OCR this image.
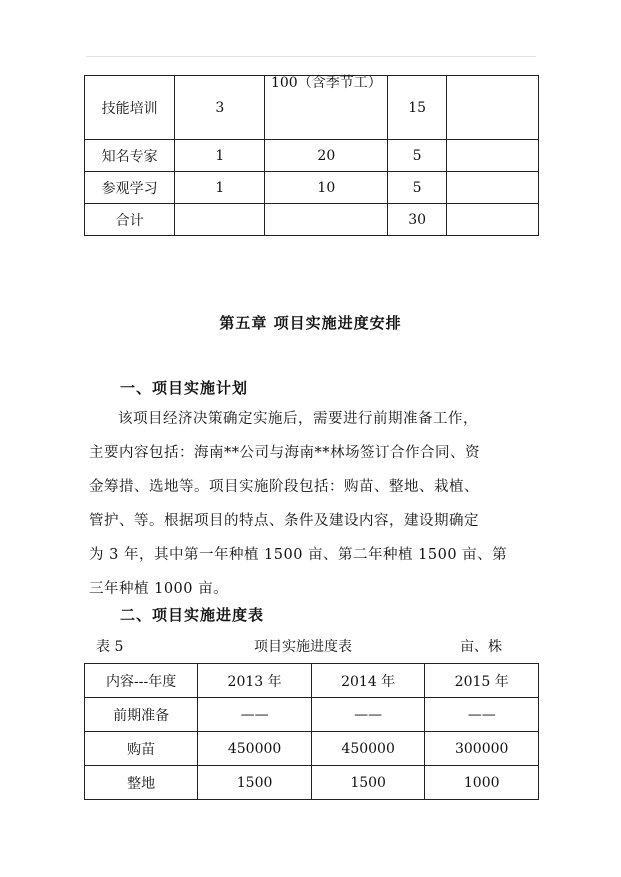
技能培训	3	100（含季节工）	15	
知名专家	1	20	5	
参观学习	1	10	5	
合计			30	
第五章 项目实施进度安排
一、项目实施计划

该项目经济决策确定实施后，需要进行前期准备工作，

主要内容包括：海南**公司与海南**林场签订合作合同、资

金筹措、选地等。项目实施阶段包括：购苗、整地、栽植、

管护、等。根据项目的特点、条件及建设内容，建设期确定

为 3 年，其中第一年种植 1500 亩、第二年种植 1500 亩、第

三年种植 1000 亩。

二、项目实施进度表
表 5	项目实施进度表	亩、株
内容---年度	2013 年	2014 年	2015 年
前期准备	——	——	——
购苗	450000	450000	300000
整地	1500	1500	1000
